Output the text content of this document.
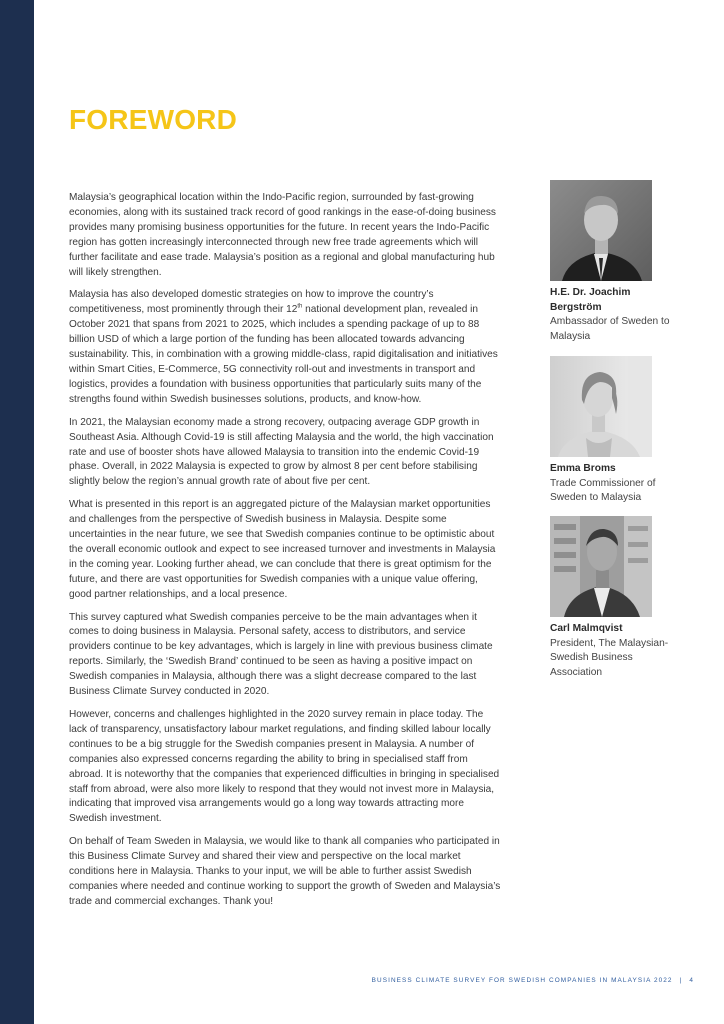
FOREWORD

Malaysia’s geographical location within the Indo-Pacific region, surrounded by fast-growing economies, along with its sustained track record of good rankings in the ease-of-doing business provides many promising business opportunities for the future. In recent years the Indo-Pacific region has gotten increasingly interconnected through new free trade agreements which will further facilitate and ease trade. Malaysia’s position as a regional and global manufacturing hub will likely strengthen.

Malaysia has also developed domestic strategies on how to improve the country’s competitiveness, most prominently through their 12th national development plan, revealed in October 2021 that spans from 2021 to 2025, which includes a spending package of up to 88 billion USD of which a large portion of the funding has been allocated towards advancing sustainability. This, in combination with a growing middle-class, rapid digitalisation and initiatives within Smart Cities, E-Commerce, 5G connectivity roll-out and investments in transport and logistics, provides a foundation with business opportunities that particularly suits many of the strengths found within Swedish businesses solutions, products, and know-how.

In 2021, the Malaysian economy made a strong recovery, outpacing average GDP growth in Southeast Asia. Although Covid-19 is still affecting Malaysia and the world, the high vaccination rate and use of booster shots have allowed Malaysia to transition into the endemic Covid-19 phase. Overall, in 2022 Malaysia is expected to grow by almost 8 per cent before stabilising slightly below the region’s annual growth rate of about five per cent.

What is presented in this report is an aggregated picture of the Malaysian market opportunities and challenges from the perspective of Swedish business in Malaysia. Despite some uncertainties in the near future, we see that Swedish companies continue to be optimistic about the overall economic outlook and expect to see increased turnover and investments in Malaysia in the coming year. Looking further ahead, we can conclude that there is great optimism for the future, and there are vast opportunities for Swedish companies with a unique value offering, good partner relationships, and a local presence.

This survey captured what Swedish companies perceive to be the main advantages when it comes to doing business in Malaysia. Personal safety, access to distributors, and service providers continue to be key advantages, which is largely in line with previous business climate reports. Similarly, the ‘Swedish Brand’ continued to be seen as having a positive impact on Swedish companies in Malaysia, although there was a slight decrease compared to the last Business Climate Survey conducted in 2020.

However, concerns and challenges highlighted in the 2020 survey remain in place today. The lack of transparency, unsatisfactory labour market regulations, and finding skilled labour locally continues to be a big struggle for the Swedish companies present in Malaysia. A number of companies also expressed concerns regarding the ability to bring in specialised staff from abroad. It is noteworthy that the companies that experienced difficulties in bringing in specialised staff from abroad, were also more likely to respond that they would not invest more in Malaysia, indicating that improved visa arrangements would go a long way towards attracting more Swedish investment.

On behalf of Team Sweden in Malaysia, we would like to thank all companies who participated in this Business Climate Survey and shared their view and perspective on the local market conditions here in Malaysia. Thanks to your input, we will be able to further assist Swedish companies where needed and continue working to support the growth of Sweden and Malaysia’s trade and commercial exchanges. Thank you!

H.E. Dr. Joachim Bergström
Ambassador of Sweden to Malaysia
Emma Broms
Trade Commissioner of Sweden to Malaysia
Carl Malmqvist
President, The Malaysian-Swedish Business Association
BUSINESS CLIMATE SURVEY FOR SWEDISH COMPANIES IN MALAYSIA 2022 | 4
